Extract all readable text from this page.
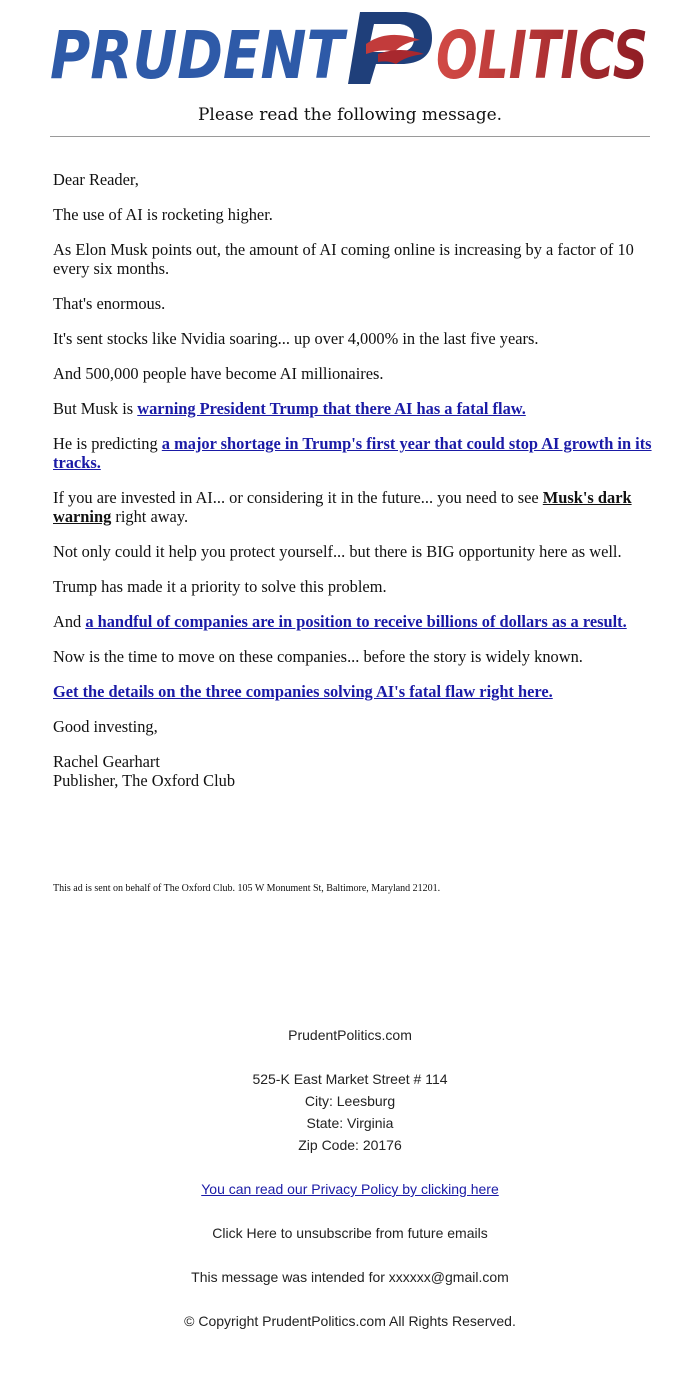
PRUDENT OLITICS
Please read the following message.

Dear Reader,

The use of AI is rocketing higher.

As Elon Musk points out, the amount of AI coming online is increasing by a factor of 10 every six months.

That's enormous.

It's sent stocks like Nvidia soaring... up over 4,000% in the last five years.

And 500,000 people have become AI millionaires.

But Musk is warning President Trump that there AI has a fatal flaw.

He is predicting a major shortage in Trump's first year that could stop AI growth in its tracks.

If you are invested in AI... or considering it in the future... you need to see Musk's dark warning right away.

Not only could it help you protect yourself... but there is BIG opportunity here as well.

Trump has made it a priority to solve this problem.

And a handful of companies are in position to receive billions of dollars as a result.

Now is the time to move on these companies... before the story is widely known.

Get the details on the three companies solving AI's fatal flaw right here.

Good investing,

Rachel Gearhart
Publisher, The Oxford Club

This ad is sent on behalf of The Oxford Club. 105 W Monument St, Baltimore, Maryland 21201.
PrudentPolitics.com
525-K East Market Street # 114
City: Leesburg
State: Virginia
Zip Code: 20176
You can read our Privacy Policy by clicking here
Click Here to unsubscribe from future emails
This message was intended for xxxxxx@gmail.com
© Copyright PrudentPolitics.com All Rights Reserved.
